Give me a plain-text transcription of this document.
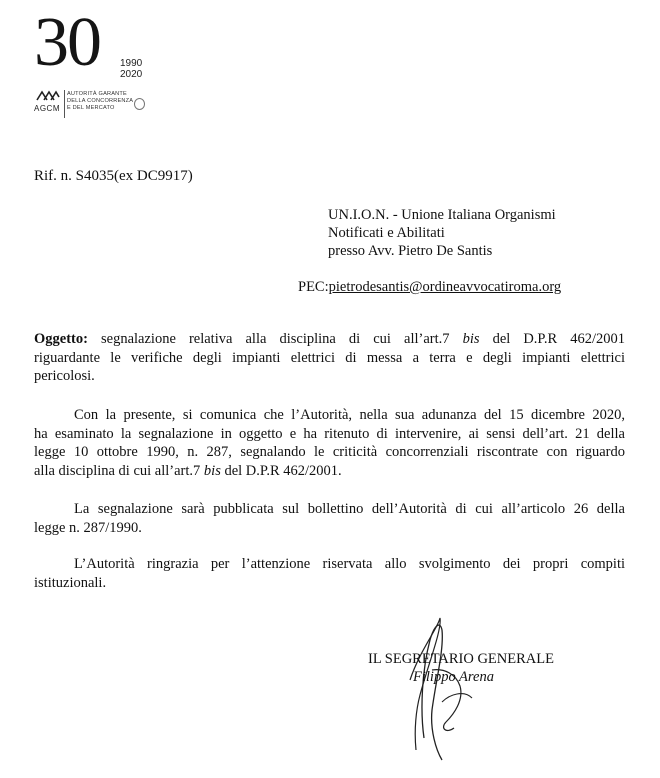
30 1990
2020
AGCM
AUTORITÀ GARANTE
DELLA CONCORRENZA
E DEL MERCATO
Rif. n. S4035(ex DC9917)
UN.I.O.N. - Unione Italiana Organismi
Notificati e Abilitati
presso Avv. Pietro De Santis
PEC:pietrodesantis@ordineavvocatiroma.org
Oggetto: segnalazione relativa alla disciplina di cui all’art.7 bis del D.P.R 462/2001
riguardante le verifiche degli impianti elettrici di messa a terra e degli impianti elettrici
pericolosi.
Con la presente, si comunica che l’Autorità, nella sua adunanza del 15 dicembre 2020,
ha esaminato la segnalazione in oggetto e ha ritenuto di intervenire, ai sensi dell’art. 21 della
legge 10 ottobre 1990, n. 287, segnalando le criticità concorrenziali riscontrate con riguardo
alla disciplina di cui all’art.7 bis del D.P.R 462/2001.
La segnalazione sarà pubblicata sul bollettino dell’Autorità di cui all’articolo 26 della
legge n. 287/1990.
L’Autorità ringrazia per l’attenzione riservata allo svolgimento dei propri compiti
istituzionali.
IL SEGRETARIO GENERALE
Filippo Arena
